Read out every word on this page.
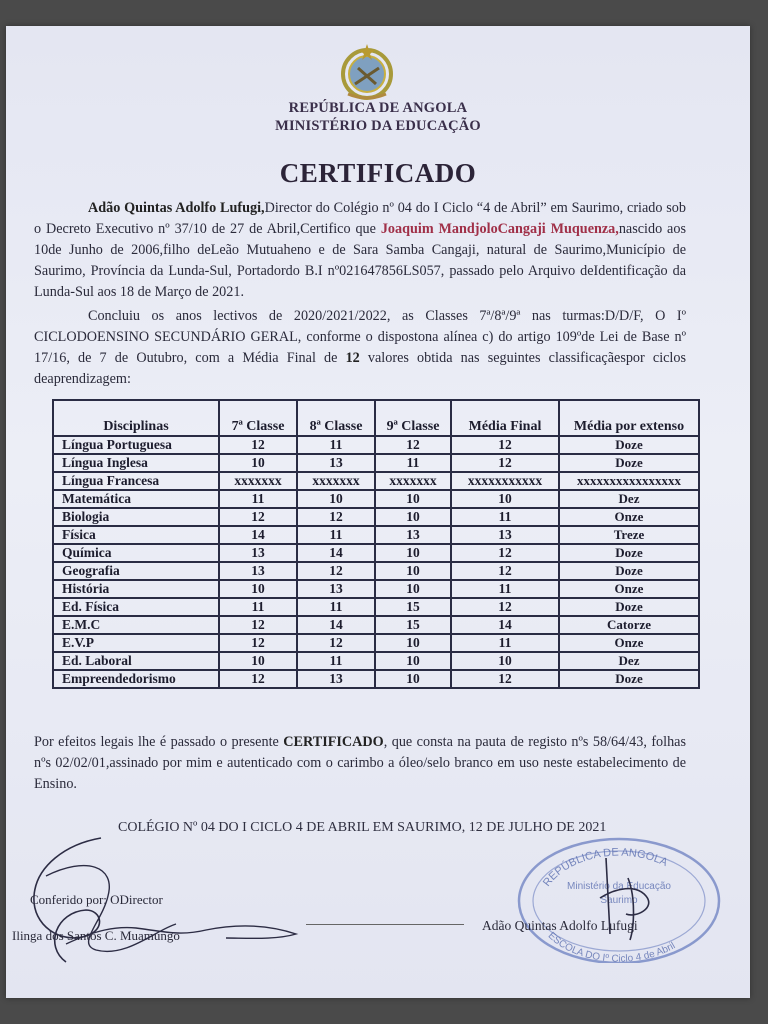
REPÚBLICA DE ANGOLA
MINISTÉRIO DA EDUCAÇÃO
CERTIFICADO
Adão Quintas Adolfo Lufugi,Director do Colégio nº 04 do I Ciclo “4 de Abril” em Saurimo, criado sob o Decreto Executivo nº 37/10 de 27 de Abril,Certifico que Joaquim MandjoloCangaji Muquenza,nascido aos 10de Junho de 2006,filho deLeão Mutuaheno e de Sara Samba Cangaji, natural de Saurimo,Município de Saurimo, Província da Lunda-Sul, Portadordo B.I nº021647856LS057, passado pelo Arquivo deIdentificação da Lunda-Sul aos 18 de Março de 2021.
Concluiu os anos lectivos de 2020/2021/2022, as Classes 7ª/8ª/9ª nas turmas:D/D/F, O Iº CICLODOENSINO SECUNDÁRIO GERAL, conforme o dispostona alínea c) do artigo 109ºde Lei de Base nº 17/16, de 7 de Outubro, com a Média Final de 12 valores obtida nas seguintes classificaçãespor ciclos deaprendizagem:
Disciplinas	7ª Classe	8ª Classe	9ª Classe	Média Final	Média por extenso
Língua Portuguesa	12	11	12	12	Doze
Língua Inglesa	10	13	11	12	Doze
Língua Francesa	xxxxxxx	xxxxxxx	xxxxxxx	xxxxxxxxxxx	xxxxxxxxxxxxxxxx
Matemática	11	10	10	10	Dez
Biologia	12	12	10	11	Onze
Física	14	11	13	13	Treze
Química	13	14	10	12	Doze
Geografia	13	12	10	12	Doze
História	10	13	10	11	Onze
Ed. Física	11	11	15	12	Doze
E.M.C	12	14	15	14	Catorze
E.V.P	12	12	10	11	Onze
Ed. Laboral	10	11	10	10	Dez
Empreendedorismo	12	13	10	12	Doze
Por efeitos legais lhe é passado o presente CERTIFICADO, que consta na pauta de registo nºs 58/64/43, folhas nºs 02/02/01,assinado por mim e autenticado com o carimbo a óleo/selo branco em uso neste estabelecimento de Ensino.
COLÉGIO Nº 04 DO I CICLO 4 DE ABRIL EM SAURIMO, 12 DE JULHO DE 2021
REPÚBLICA DE ANGOLA
Ministério da Educação
Saurimo
ESCOLA DO Iº Ciclo 4 de Abril
Conferido por: ODirector
Adão Quintas Adolfo Lufugi
Ilinga dos Santos C. Muamungo
